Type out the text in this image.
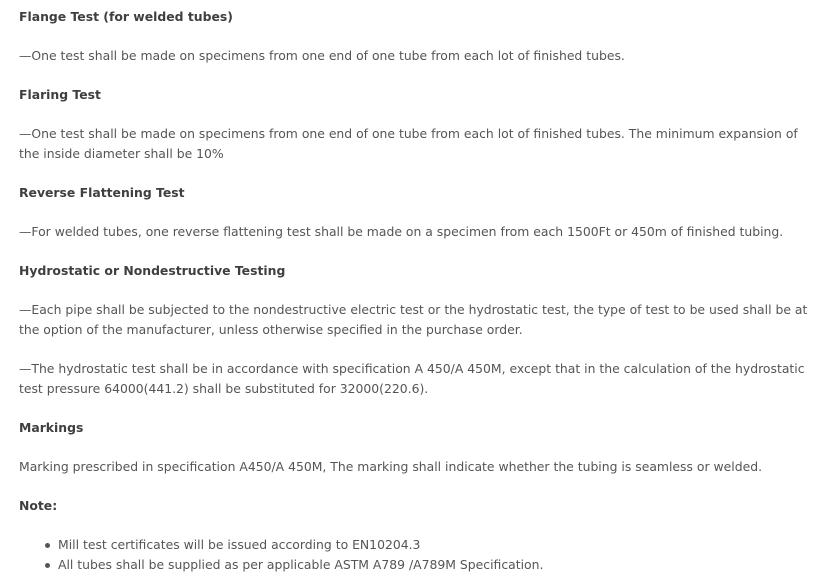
Flange Test (for welded tubes)

—One test shall be made on specimens from one end of one tube from each lot of finished tubes.

Flaring Test

—One test shall be made on specimens from one end of one tube from each lot of finished tubes. The minimum expansion of the inside diameter shall be 10%

Reverse Flattening Test

—For welded tubes, one reverse flattening test shall be made on a specimen from each 1500Ft or 450m of finished tubing.

Hydrostatic or Nondestructive Testing

—Each pipe shall be subjected to the nondestructive electric test or the hydrostatic test, the type of test to be used shall be at the option of the manufacturer, unless otherwise specified in the purchase order.

—The hydrostatic test shall be in accordance with specification A 450/A 450M, except that in the calculation of the hydrostatic test pressure 64000(441.2) shall be substituted for 32000(220.6).

Markings

Marking prescribed in specification A450/A 450M, The marking shall indicate whether the tubing is seamless or welded.

Note:
Mill test certificates will be issued according to EN10204.3
All tubes shall be supplied as per applicable ASTM A789 /A789M Specification.
